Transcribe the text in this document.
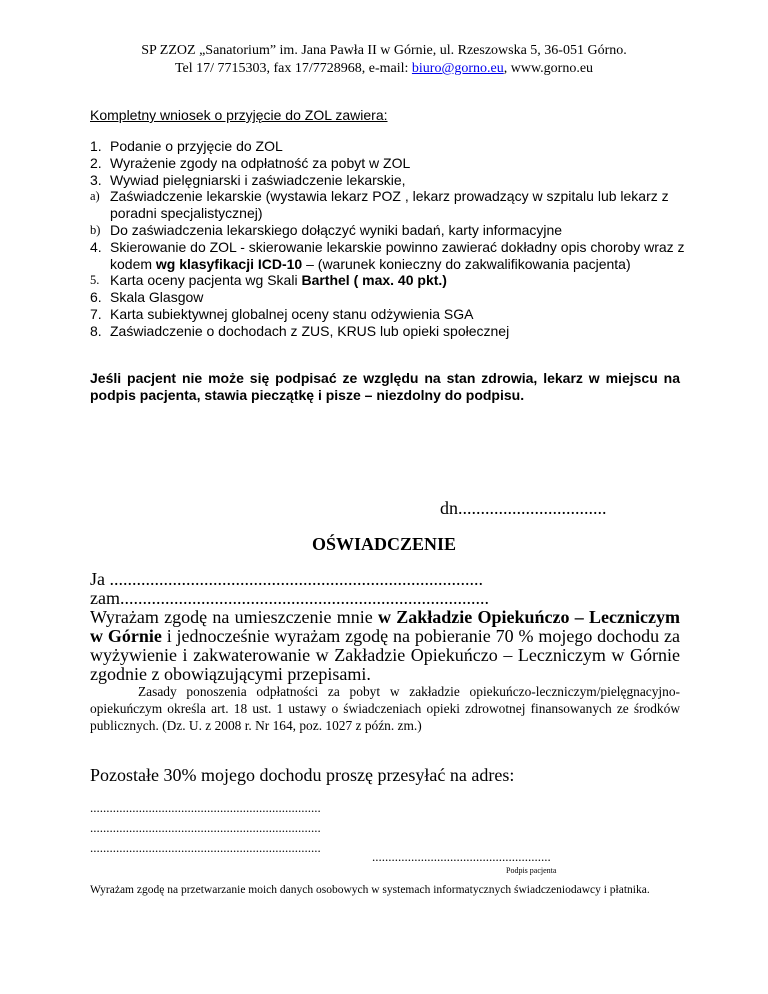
SP ZZOZ „Sanatorium” im. Jana Pawła II w Górnie, ul. Rzeszowska 5, 36-051 Górno.
Tel 17/ 7715303, fax 17/7728968, e-mail: biuro@gorno.eu, www.gorno.eu
Kompletny wniosek o przyjęcie do ZOL zawiera:
1. Podanie o przyjęcie do ZOL
2. Wyrażenie zgody na odpłatność za pobyt w ZOL
3. Wywiad pielęgniarski i zaświadczenie lekarskie,
a) Zaświadczenie lekarskie (wystawia lekarz POZ , lekarz prowadzący w szpitalu lub lekarz z poradni specjalistycznej)
b) Do zaświadczenia lekarskiego dołączyć wyniki badań, karty informacyjne
4. Skierowanie do ZOL - skierowanie lekarskie powinno zawierać dokładny opis choroby wraz z kodem wg klasyfikacji ICD-10 – (warunek konieczny do zakwalifikowania pacjenta)
5. Karta oceny pacjenta wg Skali Barthel ( max. 40 pkt.)
6. Skala Glasgow
7. Karta subiektywnej globalnej oceny stanu odżywienia SGA
8. Zaświadczenie o dochodach z ZUS, KRUS lub opieki społecznej
Jeśli pacjent nie może się podpisać ze względu na stan zdrowia, lekarz w miejscu na podpis pacjenta, stawia pieczątkę i pisze – niezdolny do podpisu.
dn.................................
OŚWIADCZENIE
Ja ...................................................................................
zam..................................................................................
Wyrażam zgodę na umieszczenie mnie w Zakładzie Opiekuńczo – Leczniczym w Górnie i jednocześnie wyrażam zgodę na pobieranie 70 % mojego dochodu za wyżywienie i zakwaterowanie w Zakładzie Opiekuńczo – Leczniczym w Górnie zgodnie z obowiązującymi przepisami.
Zasady ponoszenia odpłatności za pobyt w zakładzie opiekuńczo-leczniczym/pielęgnacyjno-opiekuńczym określa art. 18 ust. 1 ustawy o świadczeniach opieki zdrowotnej finansowanych ze środków publicznych. (Dz. U. z 2008 r. Nr 164, poz. 1027 z późn. zm.)
Pozostałe 30% mojego dochodu proszę przesyłać na adres:
.......................................................................
.......................................................................
.......................................................................
.......................................................
Podpis pacjenta
Wyrażam zgodę na przetwarzanie moich danych osobowych w systemach informatycznych świadczeniodawcy i płatnika.
